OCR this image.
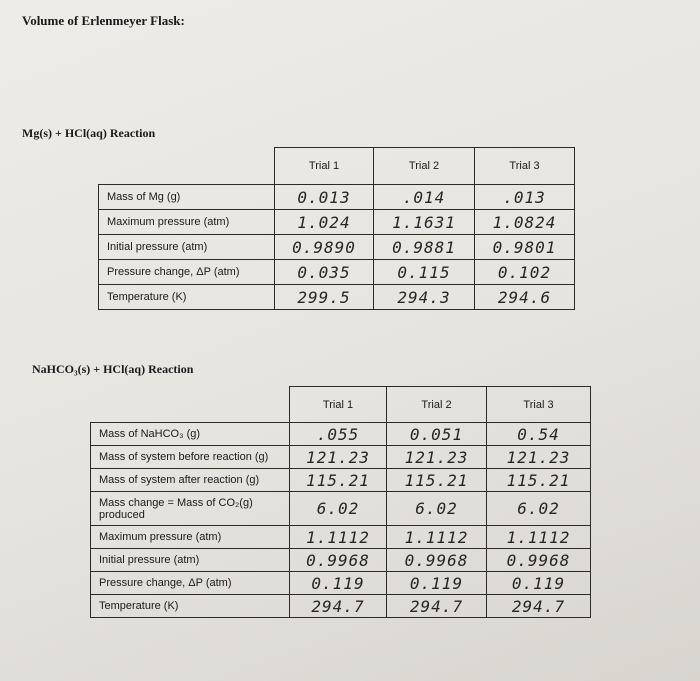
Volume of Erlenmeyer Flask:
Mg(s) + HCl(aq) Reaction
	Trial 1	Trial 2	Trial 3
Mass of Mg (g)	0.013	.014	.013
Maximum pressure (atm)	1.024	1.1631	1.0824
Initial pressure (atm)	0.9890	0.9881	0.9801
Pressure change, ΔP (atm)	0.035	0.115	0.102
Temperature (K)	299.5	294.3	294.6
NaHCO₃(s) + HCl(aq) Reaction
	Trial 1	Trial 2	Trial 3
Mass of NaHCO₃ (g)	.055	0.051	0.54
Mass of system before reaction (g)	121.23	121.23	121.23
Mass of system after reaction (g)	115.21	115.21	115.21
Mass change = Mass of CO₂(g) produced	6.02	6.02	6.02
Maximum pressure (atm)	1.1112	1.1112	1.1112
Initial pressure (atm)	0.9968	0.9968	0.9968
Pressure change, ΔP (atm)	0.119	0.119	0.119
Temperature (K)	294.7	294.7	294.7
